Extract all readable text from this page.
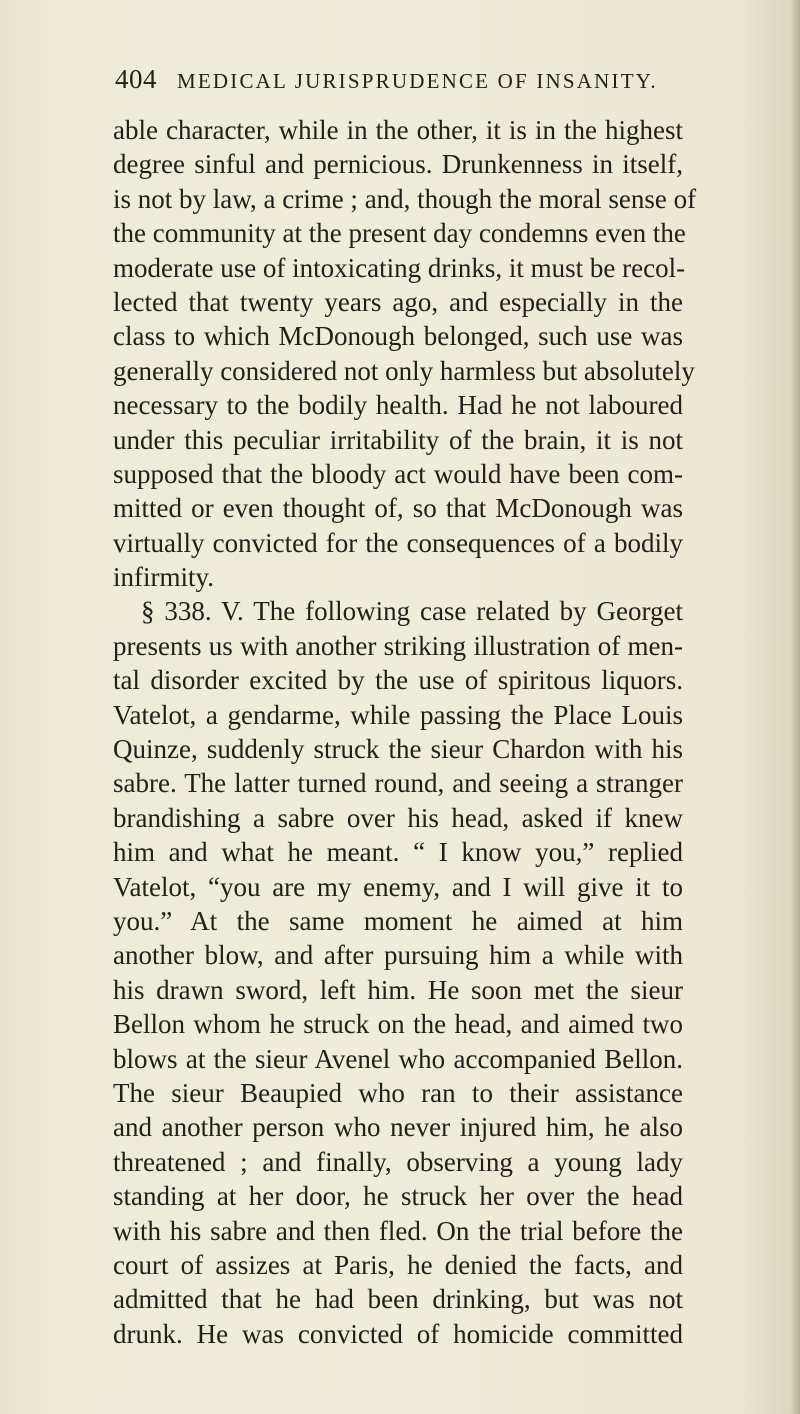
404 MEDICAL JURISPRUDENCE OF INSANITY.
able character, while in the other, it is in the highest
degree sinful and pernicious. Drunkenness in itself,
is not by law, a crime ; and, though the moral sense of
the community at the present day condemns even the
moderate use of intoxicating drinks, it must be recol-
lected that twenty years ago, and especially in the
class to which McDonough belonged, such use was
generally considered not only harmless but absolutely
necessary to the bodily health. Had he not laboured
under this peculiar irritability of the brain, it is not
supposed that the bloody act would have been com-
mitted or even thought of, so that McDonough was
virtually convicted for the consequences of a bodily
infirmity.
§ 338. V. The following case related by Georget
presents us with another striking illustration of men-
tal disorder excited by the use of spiritous liquors.
Vatelot, a gendarme, while passing the Place Louis
Quinze, suddenly struck the sieur Chardon with his
sabre. The latter turned round, and seeing a stranger
brandishing a sabre over his head, asked if knew
him and what he meant. “ I know you,” replied
Vatelot, “you are my enemy, and I will give it to
you.” At the same moment he aimed at him
another blow, and after pursuing him a while with
his drawn sword, left him. He soon met the sieur
Bellon whom he struck on the head, and aimed two
blows at the sieur Avenel who accompanied Bellon.
The sieur Beaupied who ran to their assistance
and another person who never injured him, he also
threatened ; and finally, observing a young lady
standing at her door, he struck her over the head
with his sabre and then fled. On the trial before the
court of assizes at Paris, he denied the facts, and
admitted that he had been drinking, but was not
drunk. He was convicted of homicide committed
